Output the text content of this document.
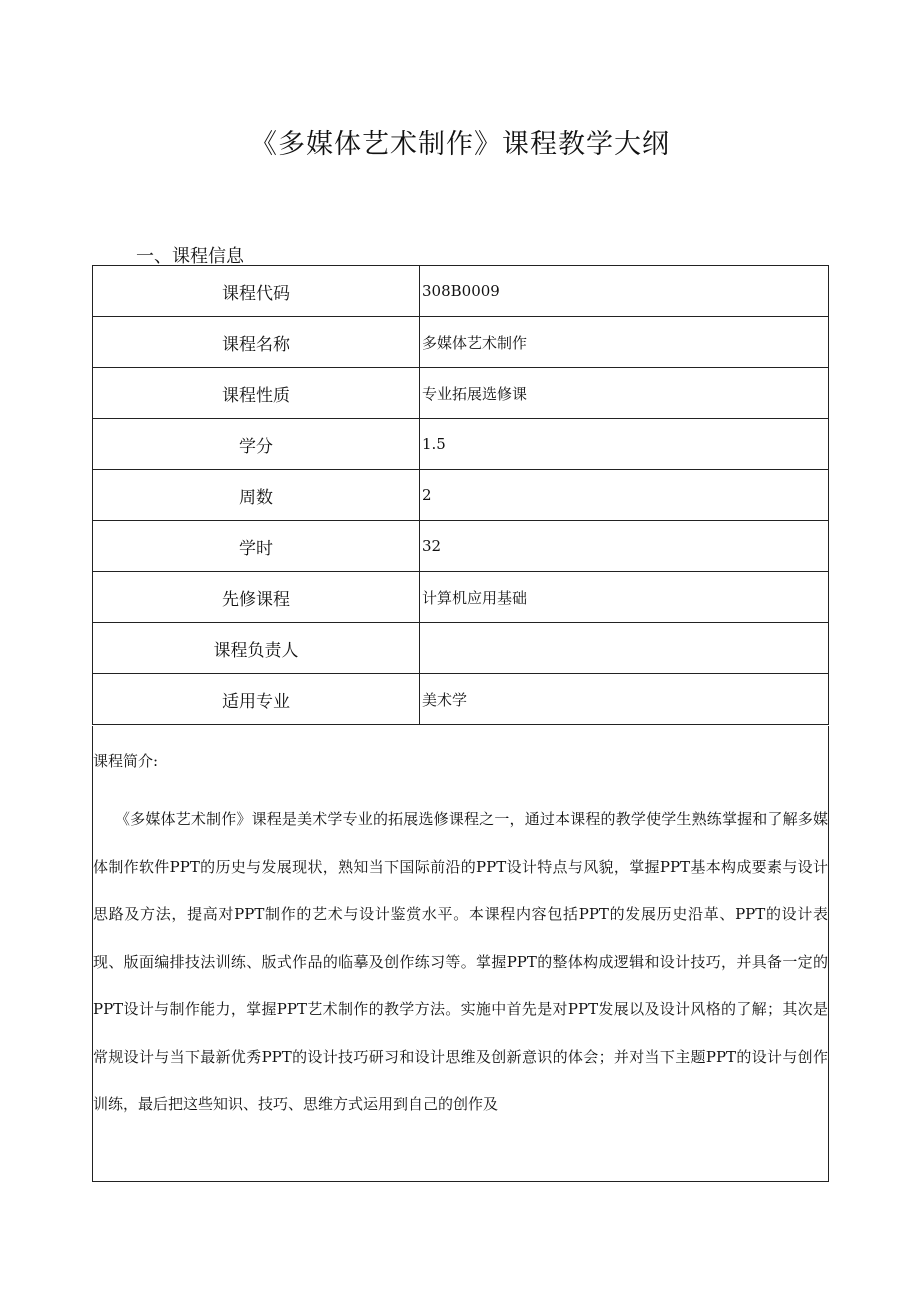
《多媒体艺术制作》课程教学大纲
一、课程信息
课程代码	308B0009
课程名称	多媒体艺术制作
课程性质	专业拓展选修课
学分	1.5
周数	2
学时	32
先修课程	计算机应用基础
课程负责人	
适用专业	美术学
课程简介:

《多媒体艺术制作》课程是美术学专业的拓展选修课程之一，通过本课程的教学使学生熟练掌握和了解多媒体制作软件PPT的历史与发展现状，熟知当下国际前沿的PPT设计特点与风貌，掌握PPT基本构成要素与设计思路及方法，提高对PPT制作的艺术与设计鉴赏水平。本课程内容包括PPT的发展历史沿革、PPT的设计表现、版面编排技法训练、版式作品的临摹及创作练习等。掌握PPT的整体构成逻辑和设计技巧，并具备一定的PPT设计与制作能力，掌握PPT艺术制作的教学方法。实施中首先是对PPT发展以及设计风格的了解；其次是常规设计与当下最新优秀PPT的设计技巧研习和设计思维及创新意识的体会；并对当下主题PPT的设计与创作训练，最后把这些知识、技巧、思维方式运用到自己的创作及
